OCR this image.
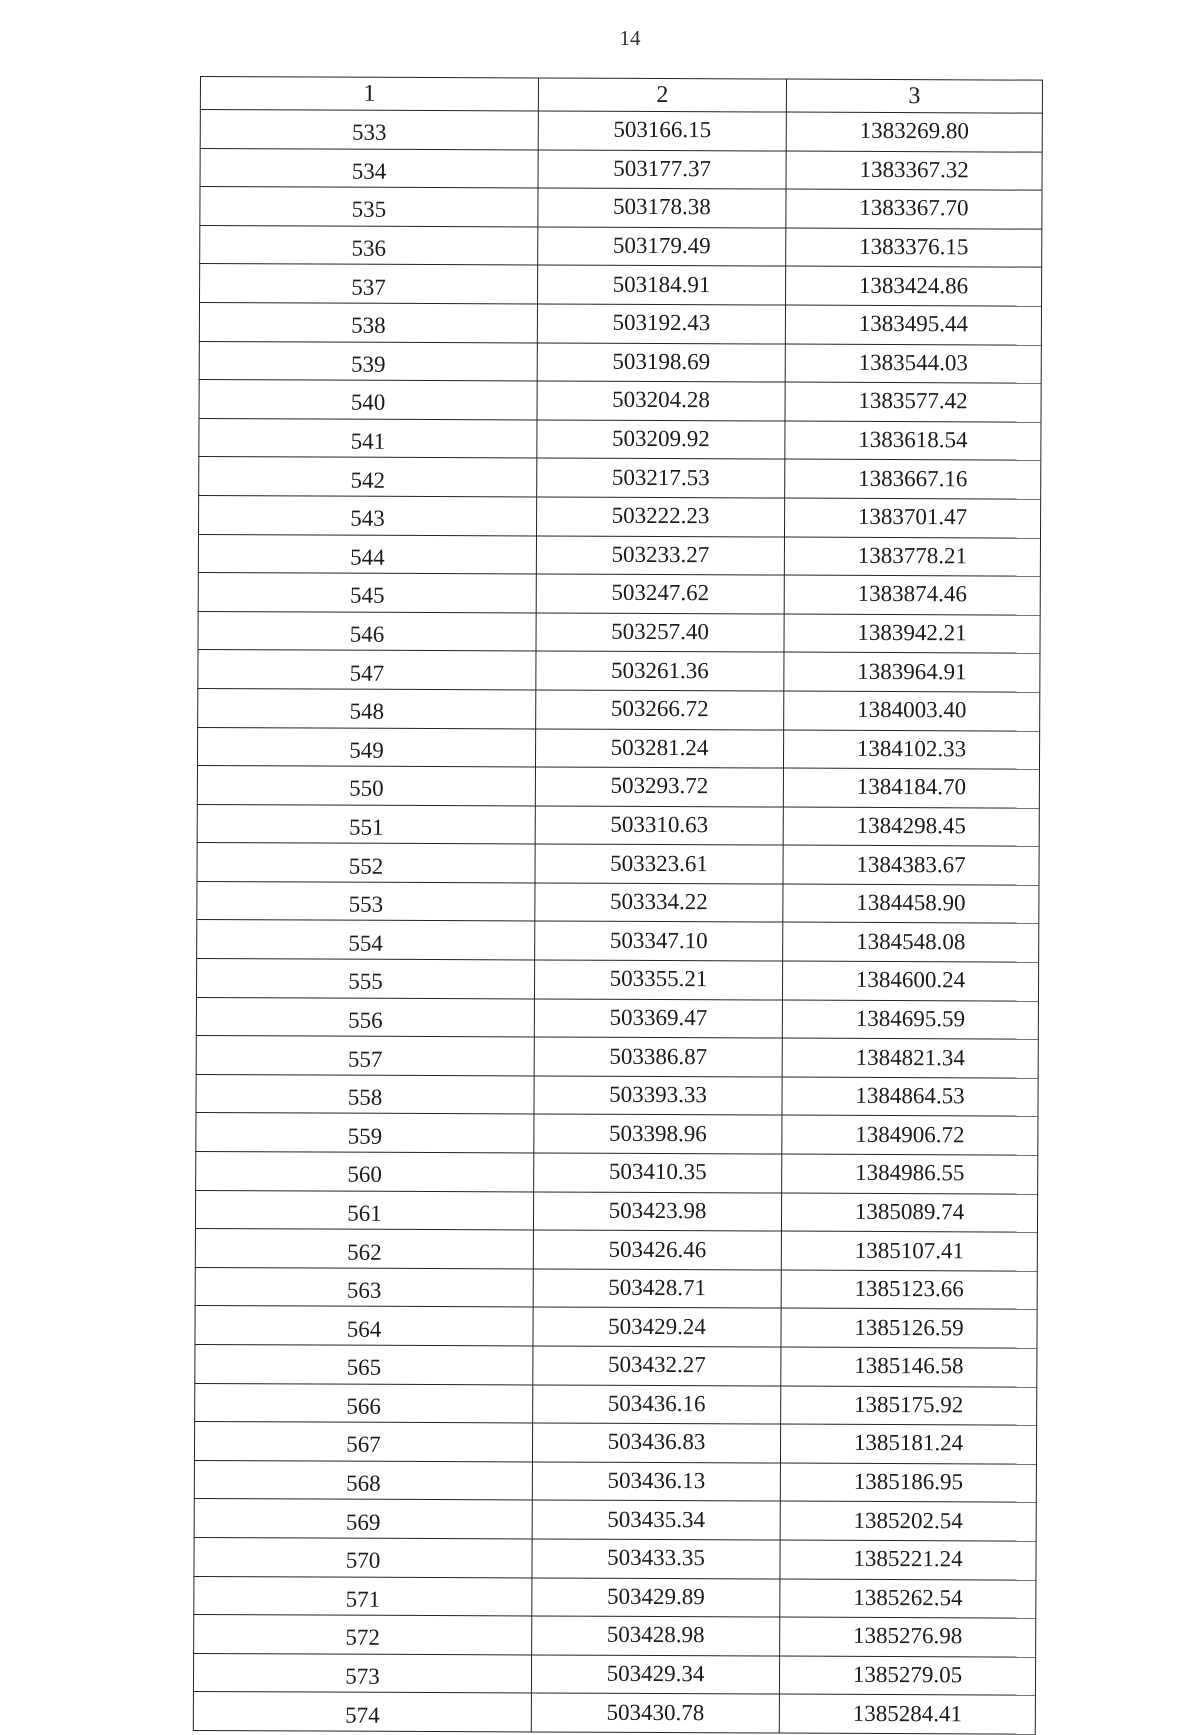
14
1	2	3
533	503166.15	1383269.80
534	503177.37	1383367.32
535	503178.38	1383367.70
536	503179.49	1383376.15
537	503184.91	1383424.86
538	503192.43	1383495.44
539	503198.69	1383544.03
540	503204.28	1383577.42
541	503209.92	1383618.54
542	503217.53	1383667.16
543	503222.23	1383701.47
544	503233.27	1383778.21
545	503247.62	1383874.46
546	503257.40	1383942.21
547	503261.36	1383964.91
548	503266.72	1384003.40
549	503281.24	1384102.33
550	503293.72	1384184.70
551	503310.63	1384298.45
552	503323.61	1384383.67
553	503334.22	1384458.90
554	503347.10	1384548.08
555	503355.21	1384600.24
556	503369.47	1384695.59
557	503386.87	1384821.34
558	503393.33	1384864.53
559	503398.96	1384906.72
560	503410.35	1384986.55
561	503423.98	1385089.74
562	503426.46	1385107.41
563	503428.71	1385123.66
564	503429.24	1385126.59
565	503432.27	1385146.58
566	503436.16	1385175.92
567	503436.83	1385181.24
568	503436.13	1385186.95
569	503435.34	1385202.54
570	503433.35	1385221.24
571	503429.89	1385262.54
572	503428.98	1385276.98
573	503429.34	1385279.05
574	503430.78	1385284.41
